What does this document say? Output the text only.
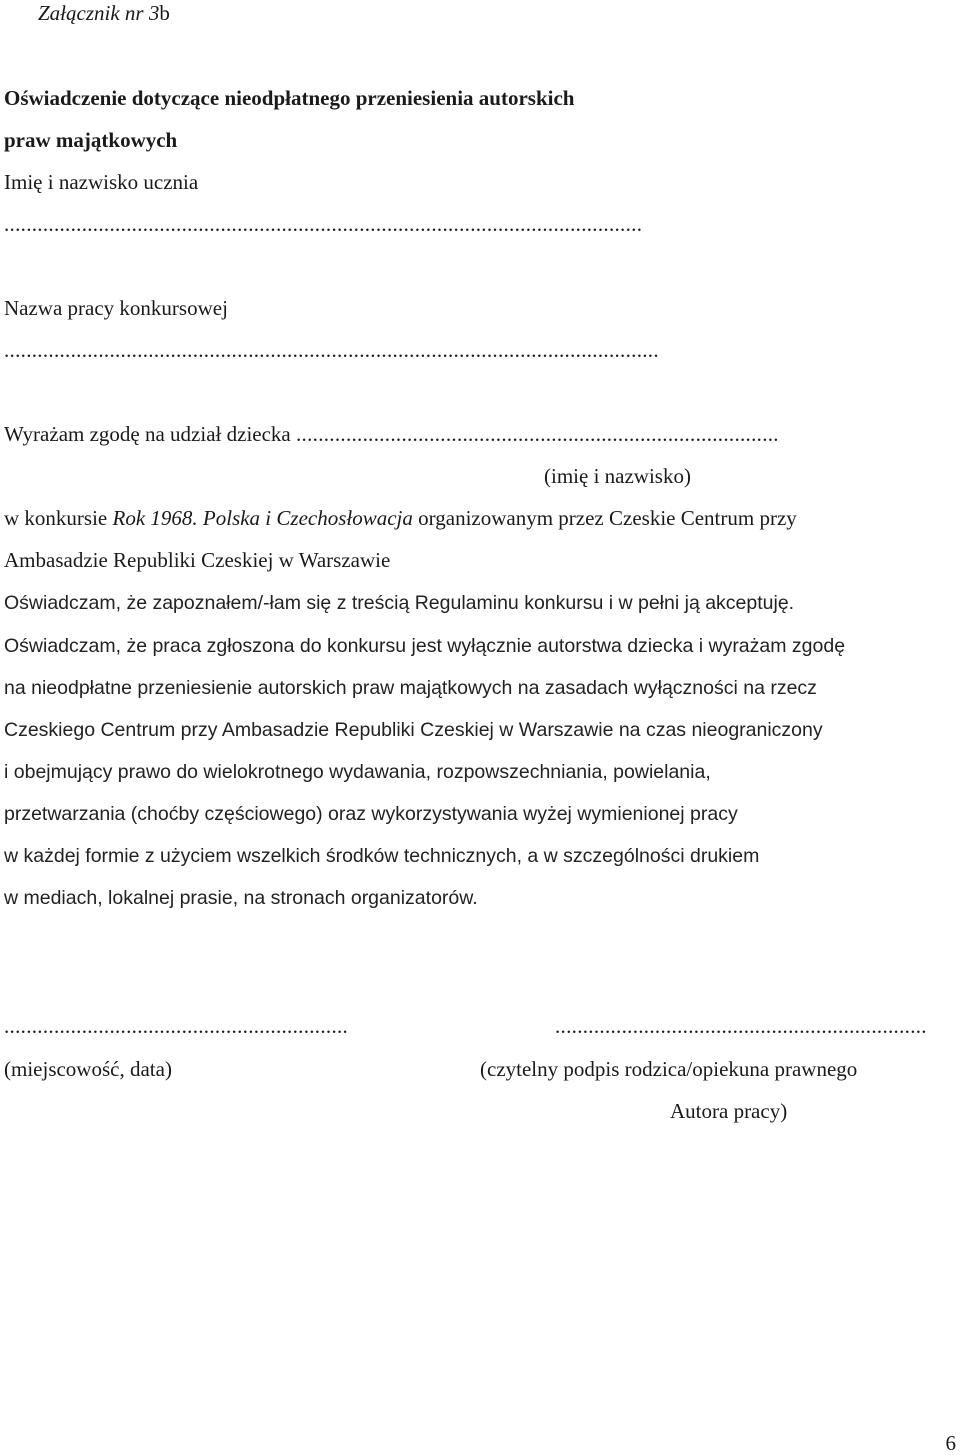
Załącznik nr 3b
Oświadczenie dotyczące nieodpłatnego przeniesienia autorskich
praw majątkowych
Imię i nazwisko ucznia
...................................................................................................................
Nazwa pracy konkursowej
......................................................................................................................
Wyrażam zgodę na udział dziecka .......................................................................................
(imię i nazwisko)
w konkursie Rok 1968. Polska i Czechosłowacja organizowanym przez Czeskie Centrum przy
Ambasadzie Republiki Czeskiej w Warszawie
Oświadczam, że zapoznałem/-łam się z treścią Regulaminu konkursu i w pełni ją akceptuję.
Oświadczam, że praca zgłoszona do konkursu jest wyłącznie autorstwa dziecka i wyrażam zgodę
na nieodpłatne przeniesienie autorskich praw majątkowych na zasadach wyłączności na rzecz
Czeskiego Centrum przy Ambasadzie Republiki Czeskiej w Warszawie na czas nieograniczony
i obejmujący prawo do wielokrotnego wydawania, rozpowszechniania, powielania,
przetwarzania (choćby częściowego) oraz wykorzystywania wyżej wymienionej pracy
w każdej formie z użyciem wszelkich środków technicznych, a w szczególności drukiem
w mediach, lokalnej prasie, na stronach organizatorów.
..............................................................	...................................................................
(miejscowość, data)	(czytelny podpis rodzica/opiekuna prawnego
Autora pracy)
6
